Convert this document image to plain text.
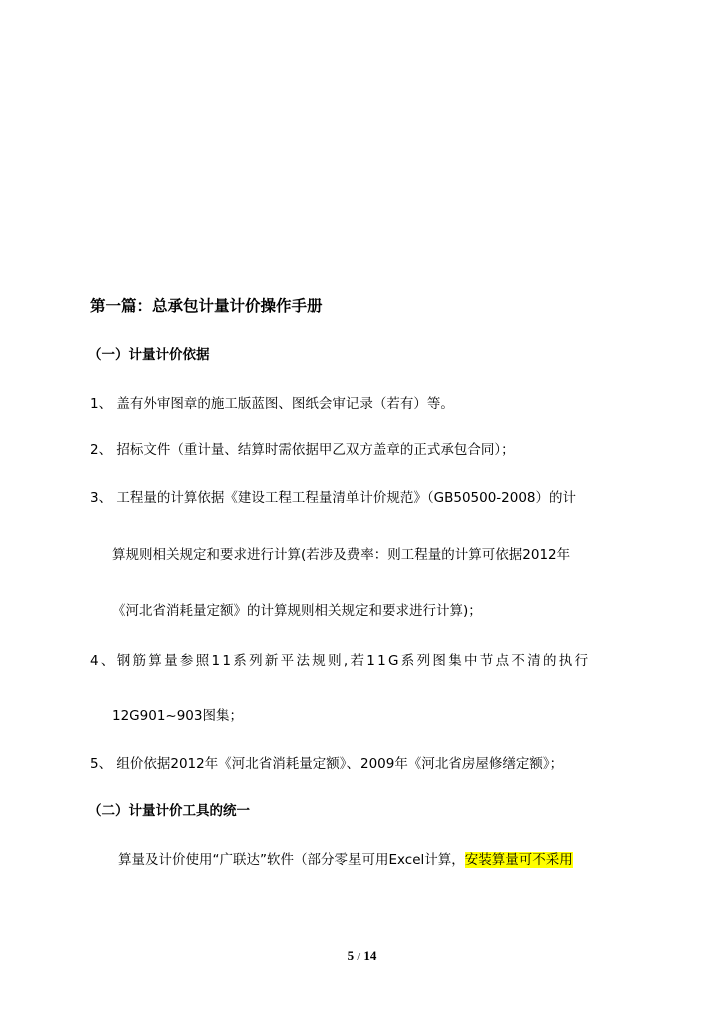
第一篇：总承包计量计价操作手册
（一）计量计价依据
1、 盖有外审图章的施工版蓝图、图纸会审记录（若有）等。
2、 招标文件（重计量、结算时需依据甲乙双方盖章的正式承包合同）；
3、 工程量的计算依据《建设工程工程量清单计价规范》（GB50500-2008）的计
算规则相关规定和要求进行计算(若涉及费率：则工程量的计算可依据2012年
《河北省消耗量定额》的计算规则相关规定和要求进行计算)；
4、钢筋算量参照11系列新平法规则,若11G系列图集中节点不清的执行
12G901~903图集；
5、 组价依据2012年《河北省消耗量定额》、2009年《河北省房屋修缮定额》；
（二）计量计价工具的统一
算量及计价使用“广联达”软件（部分零星可用Excel计算，安装算量可不采用
5 / 14
